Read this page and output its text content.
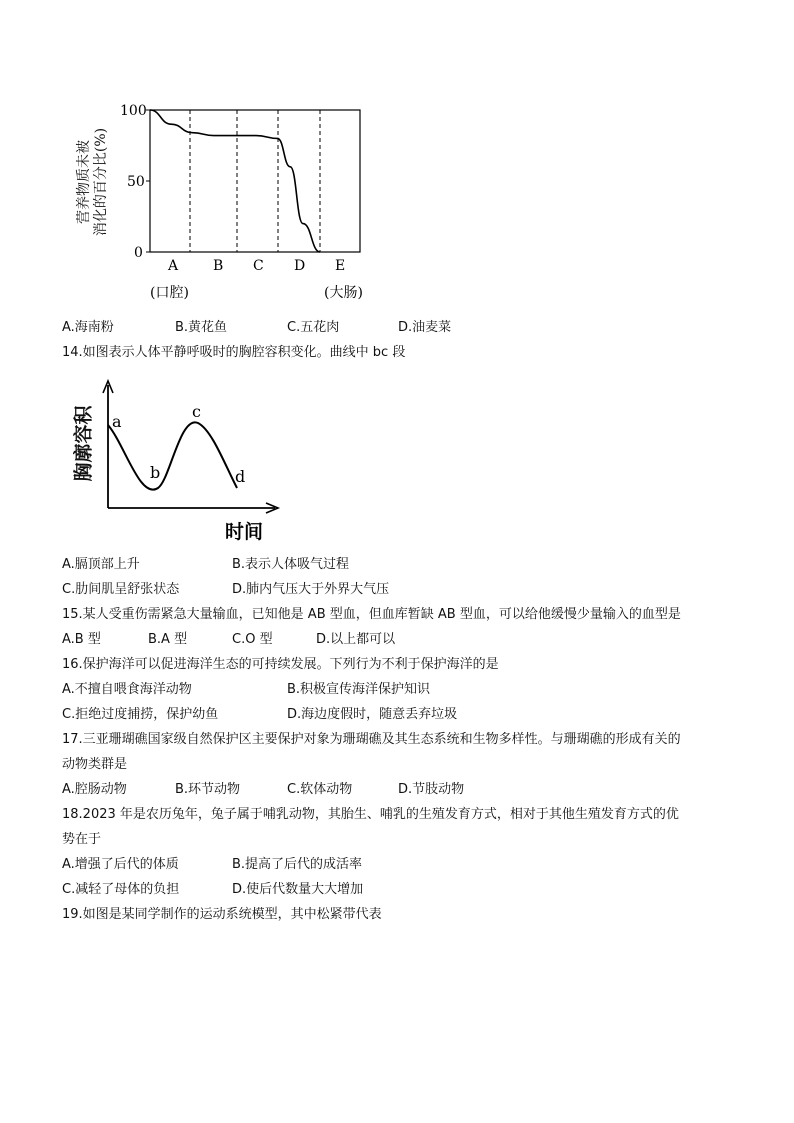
100
50
0
A B C D E
(口腔)	(大肠)
营养物质未被 消化的百分比(%)
A.海南粉	B.黄花鱼	C.五花肉	D.油麦菜
14.如图表示人体平静呼吸时的胸腔容积变化。曲线中 bc 段
a
b
c
d
时间
胸廓容积
A.膈顶部上升	B.表示人体吸气过程
C.肋间肌呈舒张状态	D.肺内气压大于外界大气压
15.某人受重伤需紧急大量输血，已知他是 AB 型血，但血库暂缺 AB 型血，可以给他缓慢少量输入的血型是
A.B 型	B.A 型	C.O 型	D.以上都可以
16.保护海洋可以促进海洋生态的可持续发展。下列行为不利于保护海洋的是
A.不擅自喂食海洋动物	B.积极宣传海洋保护知识
C.拒绝过度捕捞，保护幼鱼	D.海边度假时，随意丢弃垃圾
17.三亚珊瑚礁国家级自然保护区主要保护对象为珊瑚礁及其生态系统和生物多样性。与珊瑚礁的形成有关的
动物类群是
A.腔肠动物	B.环节动物	C.软体动物	D.节肢动物
18.2023 年是农历兔年，兔子属于哺乳动物，其胎生、哺乳的生殖发育方式，相对于其他生殖发育方式的优
势在于
A.增强了后代的体质	B.提高了后代的成活率
C.减轻了母体的负担	D.使后代数量大大增加
19.如图是某同学制作的运动系统模型，其中松紧带代表
